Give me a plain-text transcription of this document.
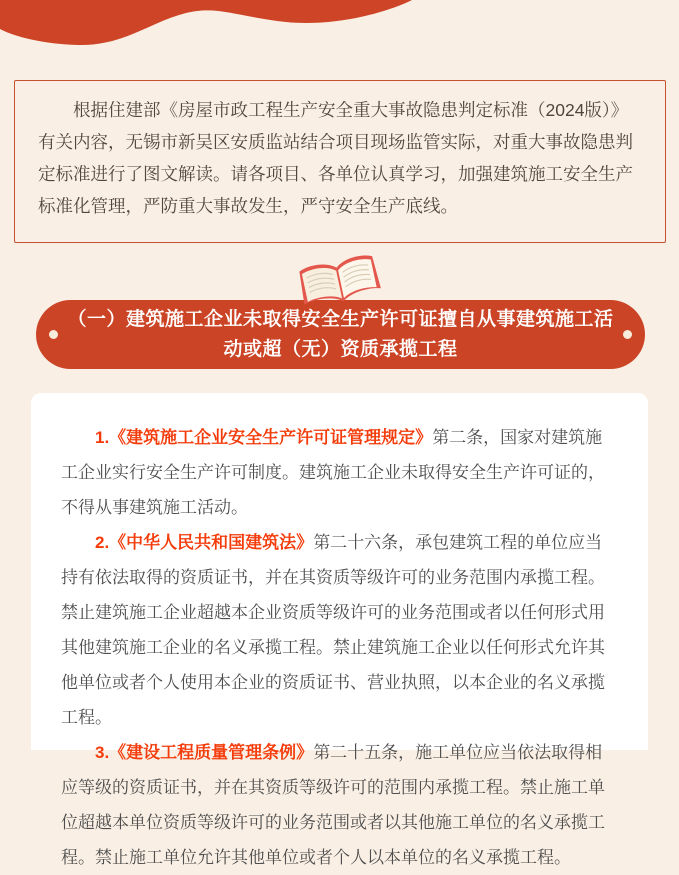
根据住建部《房屋市政工程生产安全重大事故隐患判定标准（2024版）》有关内容，无锡市新吴区安质监站结合项目现场监管实际，对重大事故隐患判定标准进行了图文解读。请各项目、各单位认真学习，加强建筑施工安全生产标准化管理，严防重大事故发生，严守安全生产底线。

（一）建筑施工企业未取得安全生产许可证擅自从事建筑施工活动或超（无）资质承揽工程

1.《建筑施工企业安全生产许可证管理规定》第二条，国家对建筑施工企业实行安全生产许可制度。建筑施工企业未取得安全生产许可证的，不得从事建筑施工活动。

2.《中华人民共和国建筑法》第二十六条，承包建筑工程的单位应当持有依法取得的资质证书，并在其资质等级许可的业务范围内承揽工程。禁止建筑施工企业超越本企业资质等级许可的业务范围或者以任何形式用其他建筑施工企业的名义承揽工程。禁止建筑施工企业以任何形式允许其他单位或者个人使用本企业的资质证书、营业执照，以本企业的名义承揽工程。

3.《建设工程质量管理条例》第二十五条，施工单位应当依法取得相应等级的资质证书，并在其资质等级许可的范围内承揽工程。禁止施工单位超越本单位资质等级许可的业务范围或者以其他施工单位的名义承揽工程。禁止施工单位允许其他单位或者个人以本单位的名义承揽工程。
